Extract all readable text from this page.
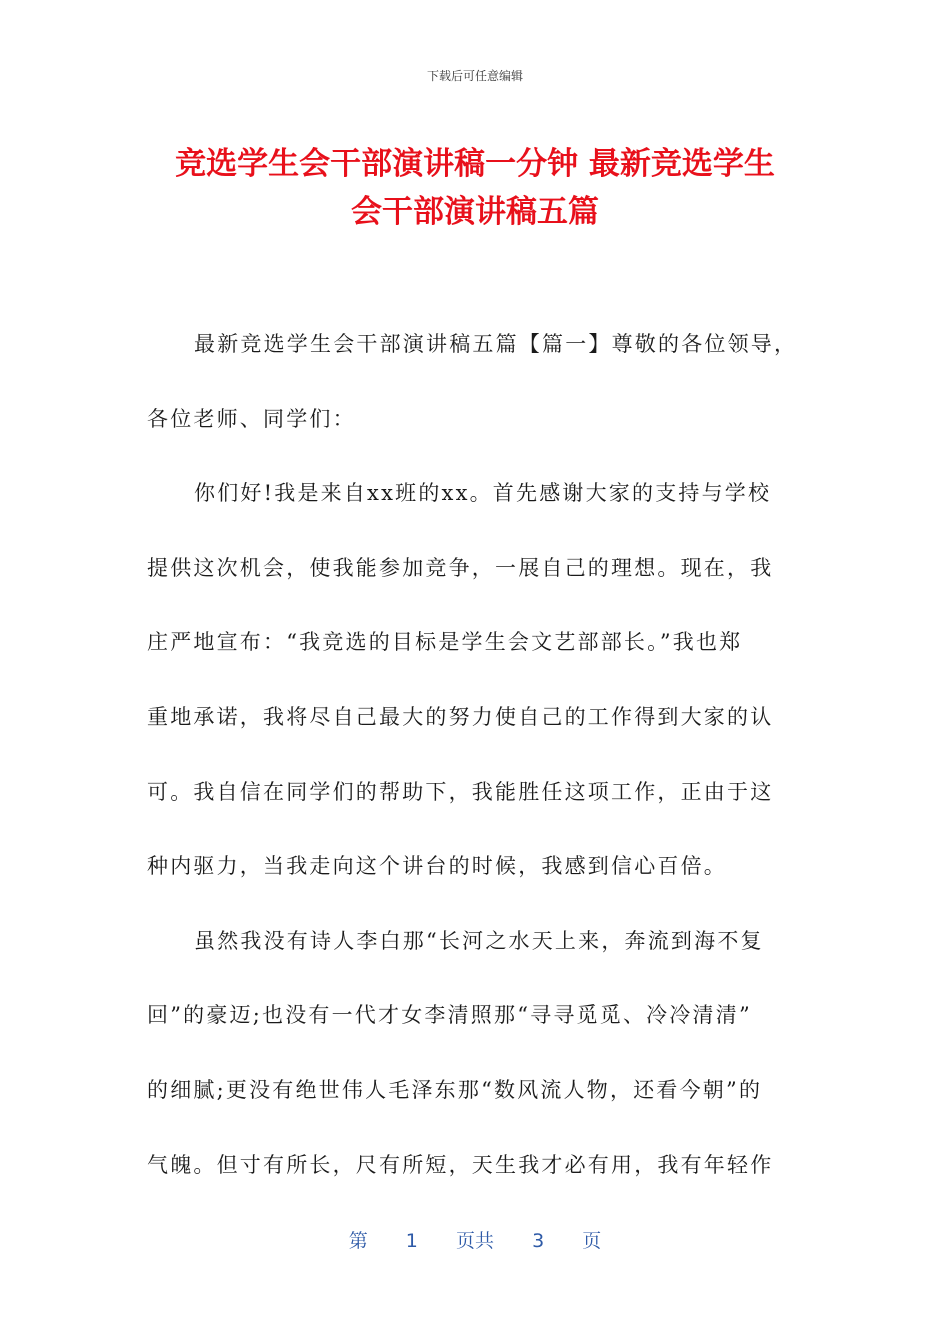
下载后可任意编辑
竞选学生会干部演讲稿一分钟 最新竞选学生
会干部演讲稿五篇
最新竞选学生会干部演讲稿五篇【篇一】尊敬的各位领导，
各位老师、同学们：
你们好!我是来自xx班的xx。首先感谢大家的支持与学校
提供这次机会，使我能参加竞争，一展自己的理想。现在，我
庄严地宣布：“我竞选的目标是学生会文艺部部长。”我也郑
重地承诺，我将尽自己最大的努力使自己的工作得到大家的认
可。我自信在同学们的帮助下，我能胜任这项工作，正由于这
种内驱力，当我走向这个讲台的时候，我感到信心百倍。
虽然我没有诗人李白那“长河之水天上来，奔流到海不复
回”的豪迈;也没有一代才女李清照那“寻寻觅觅、冷冷清清”
的细腻;更没有绝世伟人毛泽东那“数风流人物，还看今朝”的
气魄。但寸有所长，尺有所短，天生我才必有用，我有年轻作
第 1 页共 3 页
